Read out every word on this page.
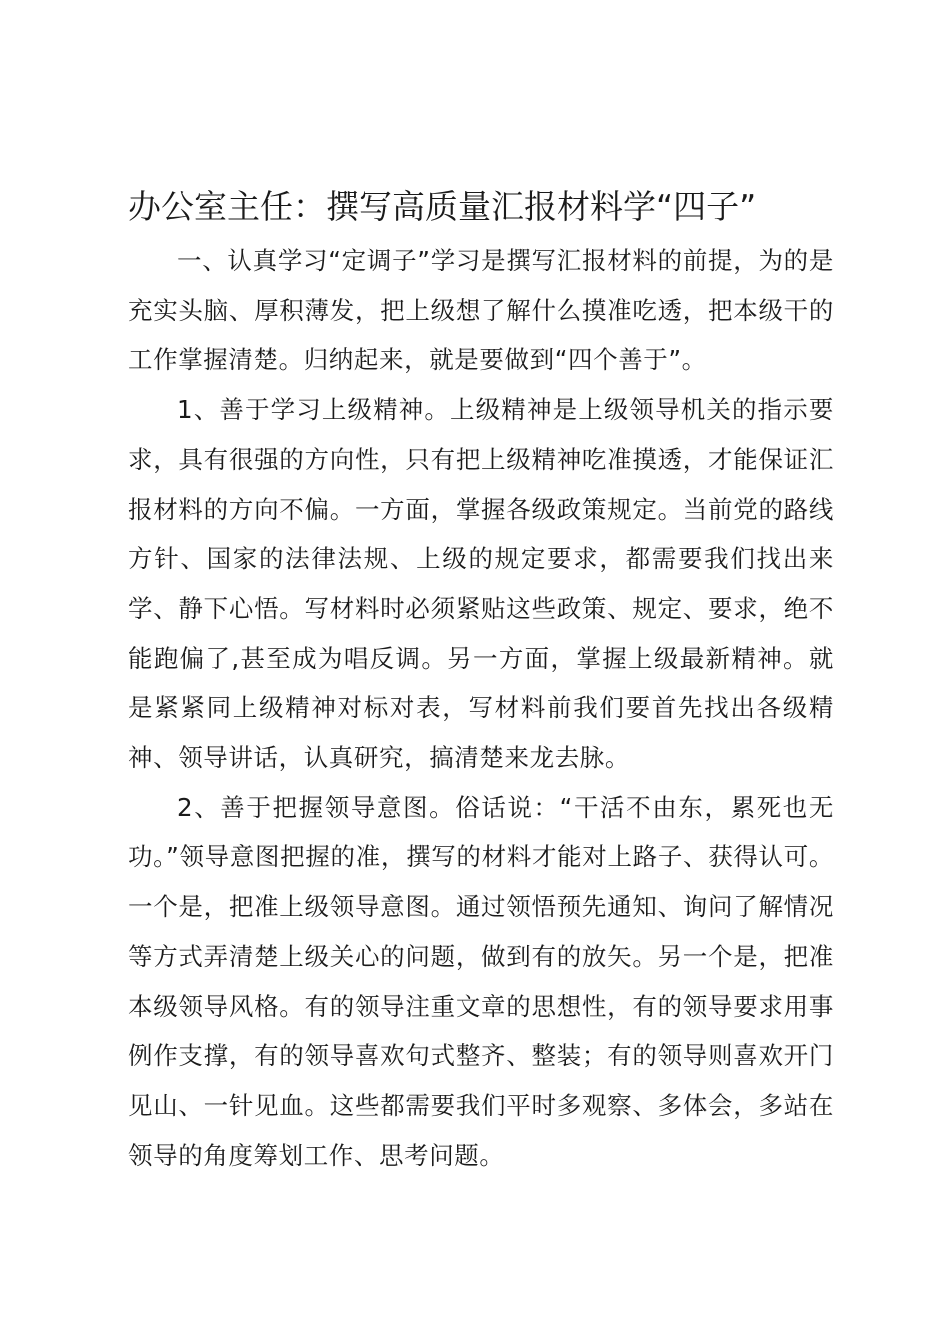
办公室主任：撰写高质量汇报材料学“四子”

一、认真学习“定调子”学习是撰写汇报材料的前提，为的是充实头脑、厚积薄发，把上级想了解什么摸准吃透，把本级干的工作掌握清楚。归纳起来，就是要做到“四个善于”。

1、善于学习上级精神。上级精神是上级领导机关的指示要求，具有很强的方向性，只有把上级精神吃准摸透，才能保证汇报材料的方向不偏。一方面，掌握各级政策规定。当前党的路线方针、国家的法律法规、上级的规定要求，都需要我们找出来学、静下心悟。写材料时必须紧贴这些政策、规定、要求，绝不能跑偏了,甚至成为唱反调。另一方面，掌握上级最新精神。就是紧紧同上级精神对标对表，写材料前我们要首先找出各级精神、领导讲话，认真研究，搞清楚来龙去脉。

2、善于把握领导意图。俗话说：“干活不由东，累死也无功。”领导意图把握的准，撰写的材料才能对上路子、获得认可。一个是，把准上级领导意图。通过领悟预先通知、询问了解情况等方式弄清楚上级关心的问题，做到有的放矢。另一个是，把准本级领导风格。有的领导注重文章的思想性，有的领导要求用事例作支撑，有的领导喜欢句式整齐、整装；有的领导则喜欢开门见山、一针见血。这些都需要我们平时多观察、多体会，多站在领导的角度筹划工作、思考问题。
